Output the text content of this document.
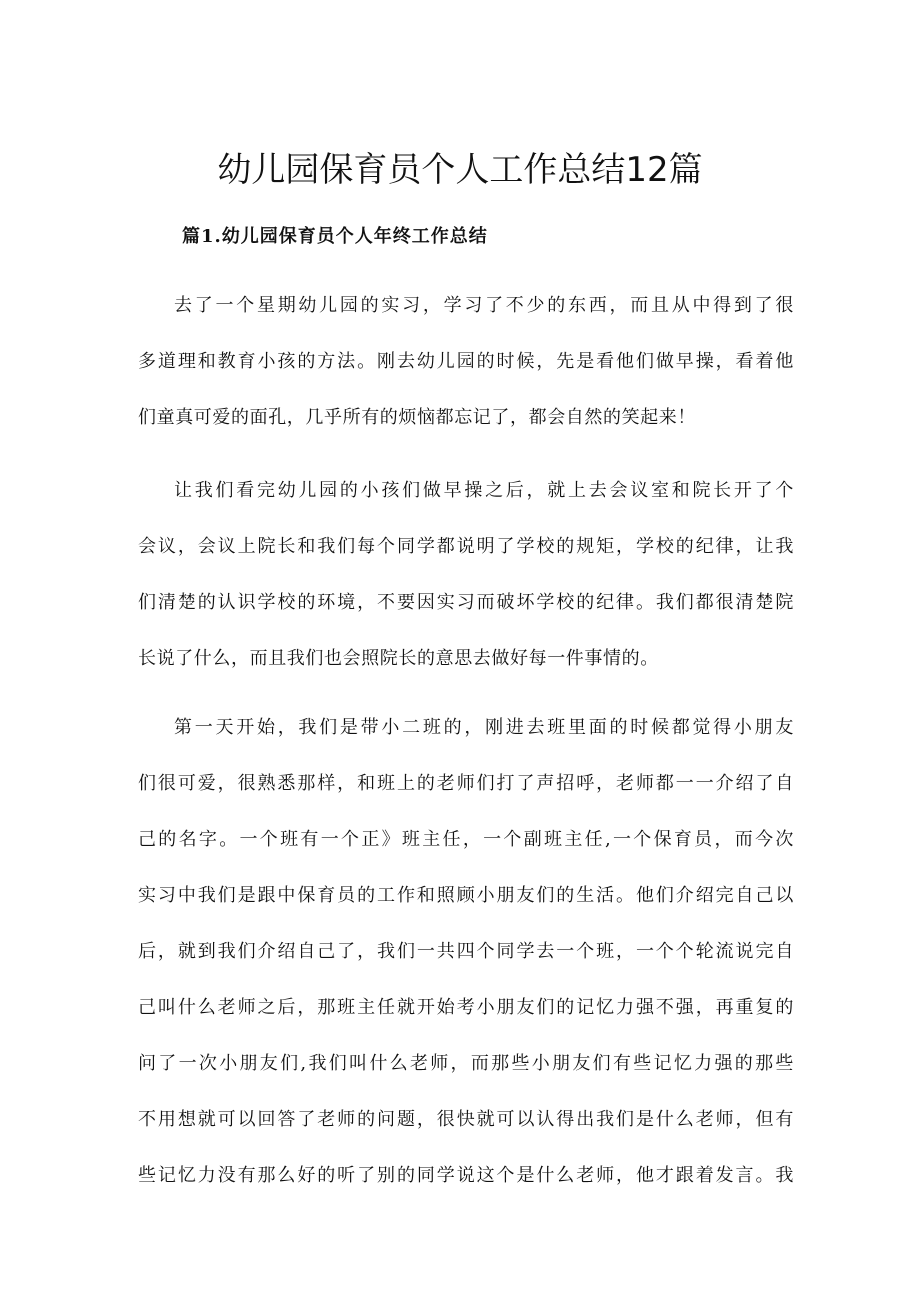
幼儿园保育员个人工作总结12篇
篇1.幼儿园保育员个人年终工作总结
去了一个星期幼儿园的实习，学习了不少的东西，而且从中得到了很
多道理和教育小孩的方法。刚去幼儿园的时候，先是看他们做早操，看着他
们童真可爱的面孔，几乎所有的烦恼都忘记了，都会自然的笑起来！
让我们看完幼儿园的小孩们做早操之后，就上去会议室和院长开了个
会议，会议上院长和我们每个同学都说明了学校的规矩，学校的纪律，让我
们清楚的认识学校的环境，不要因实习而破坏学校的纪律。我们都很清楚院
长说了什么，而且我们也会照院长的意思去做好每一件事情的。
第一天开始，我们是带小二班的，刚进去班里面的时候都觉得小朋友
们很可爱，很熟悉那样，和班上的老师们打了声招呼，老师都一一介绍了自
己的名字。一个班有一个正》班主任，一个副班主任,一个保育员，而今次
实习中我们是跟中保育员的工作和照顾小朋友们的生活。他们介绍完自己以
后，就到我们介绍自己了，我们一共四个同学去一个班，一个个轮流说完自
己叫什么老师之后，那班主任就开始考小朋友们的记忆力强不强，再重复的
问了一次小朋友们,我们叫什么老师，而那些小朋友们有些记忆力强的那些
不用想就可以回答了老师的问题，很快就可以认得出我们是什么老师，但有
些记忆力没有那么好的听了别的同学说这个是什么老师，他才跟着发言。我
